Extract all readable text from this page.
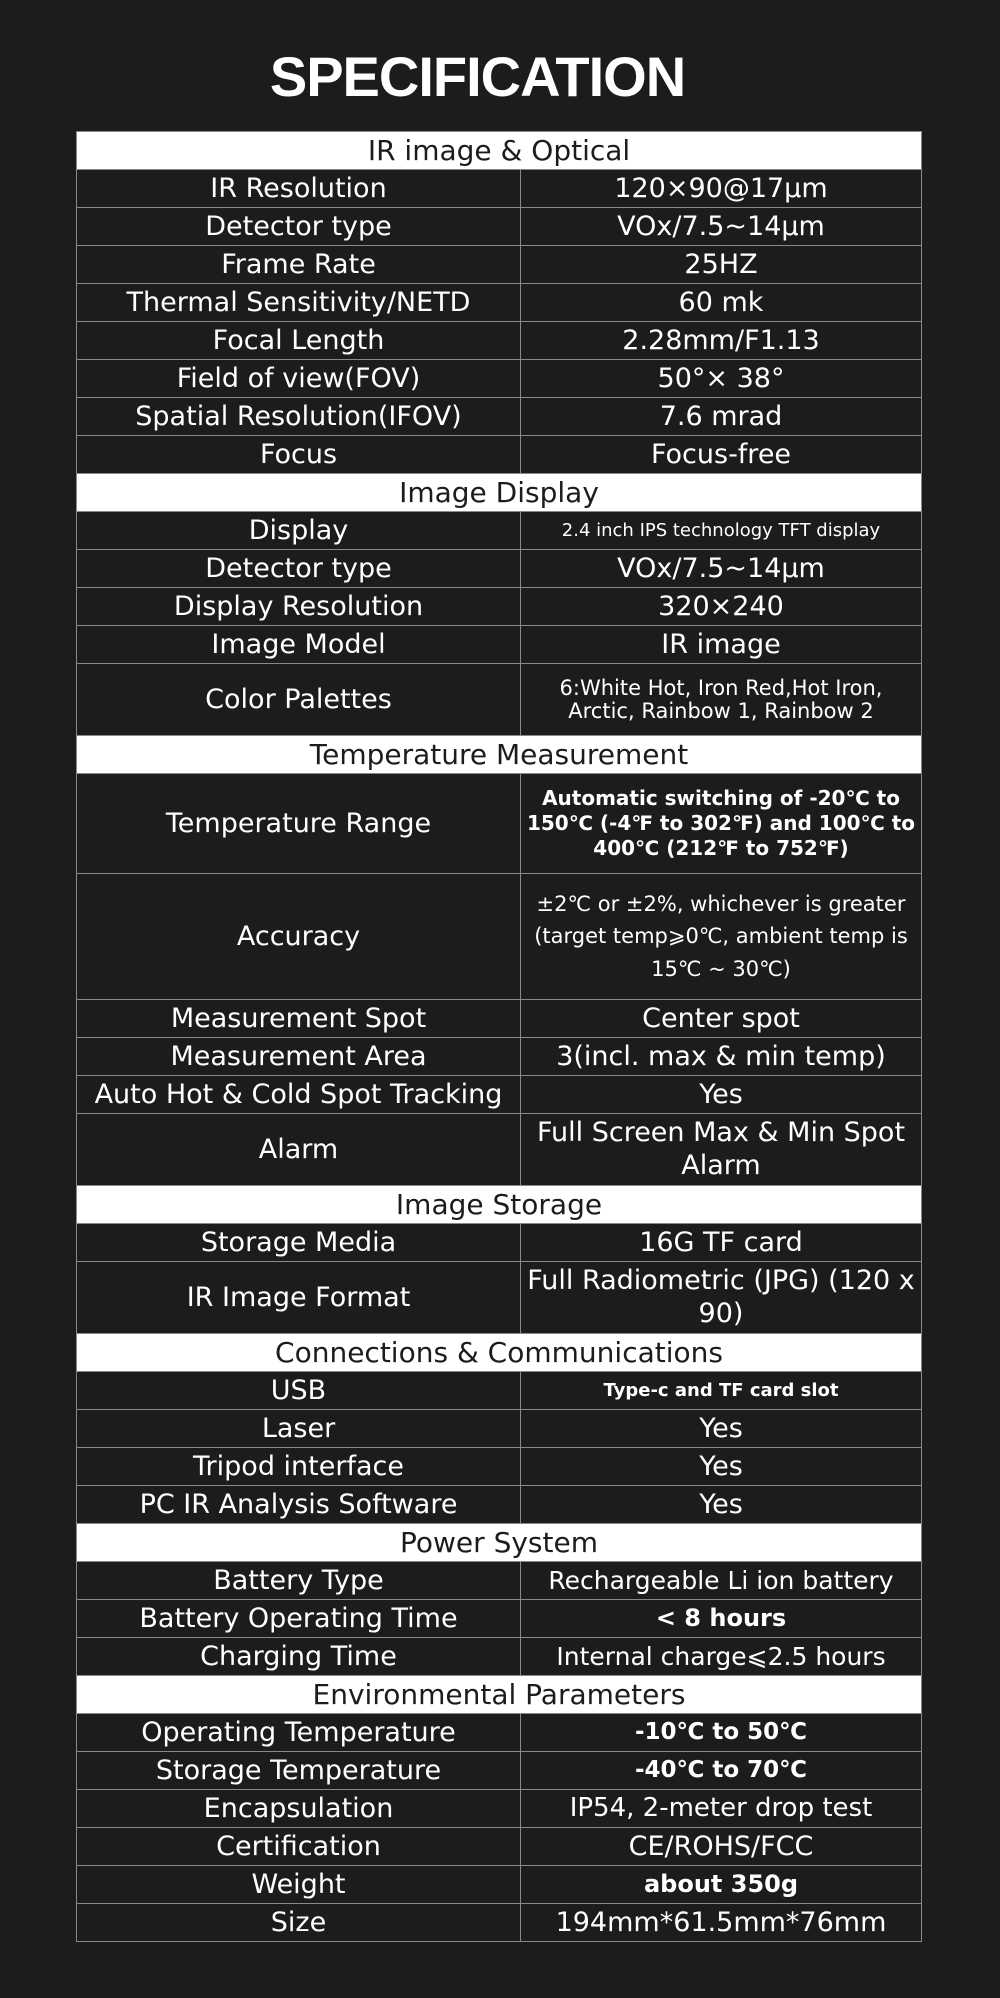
SPECIFICATION
IR image & Optical	
IR Resolution	120×90@17μm
Detector type	VOx/7.5~14μm
Frame Rate	25HZ
Thermal Sensitivity/NETD	60 mk
Focal Length	2.28mm/F1.13
Field of view(FOV)	50°× 38°
Spatial Resolution(IFOV)	7.6 mrad
Focus	Focus-free
Image Display	
Display	2.4 inch IPS technology TFT display
Detector type	VOx/7.5~14μm
Display Resolution	320×240
Image Model	IR image
Color Palettes	6:White Hot, Iron Red,Hot Iron, Arctic, Rainbow 1, Rainbow 2
Temperature Measurement	
Temperature Range	Automatic switching of -20℃ to 150℃ (-4℉ to 302℉) and 100℃ to 400℃ (212℉ to 752℉)
Accuracy	±2℃ or ±2%, whichever is greater (target temp⩾0℃, ambient temp is 15℃ ~ 30℃)
Measurement Spot	Center spot
Measurement Area	3(incl. max & min temp)
Auto Hot & Cold Spot Tracking	Yes
Alarm	Full Screen Max & Min Spot Alarm
Image Storage	
Storage Media	16G TF card
IR Image Format	Full Radiometric (JPG) (120 x 90)
Connections & Communications	
USB	Type-c and TF card slot
Laser	Yes
Tripod interface	Yes
PC IR Analysis Software	Yes
Power System	
Battery Type	Rechargeable Li ion battery
Battery Operating Time	< 8 hours
Charging Time	Internal charge⩽2.5 hours
Environmental Parameters	
Operating Temperature	-10℃ to 50℃
Storage Temperature	-40℃ to 70℃
Encapsulation	IP54, 2-meter drop test
Certification	CE/ROHS/FCC
Weight	about 350g
Size	194mm*61.5mm*76mm
